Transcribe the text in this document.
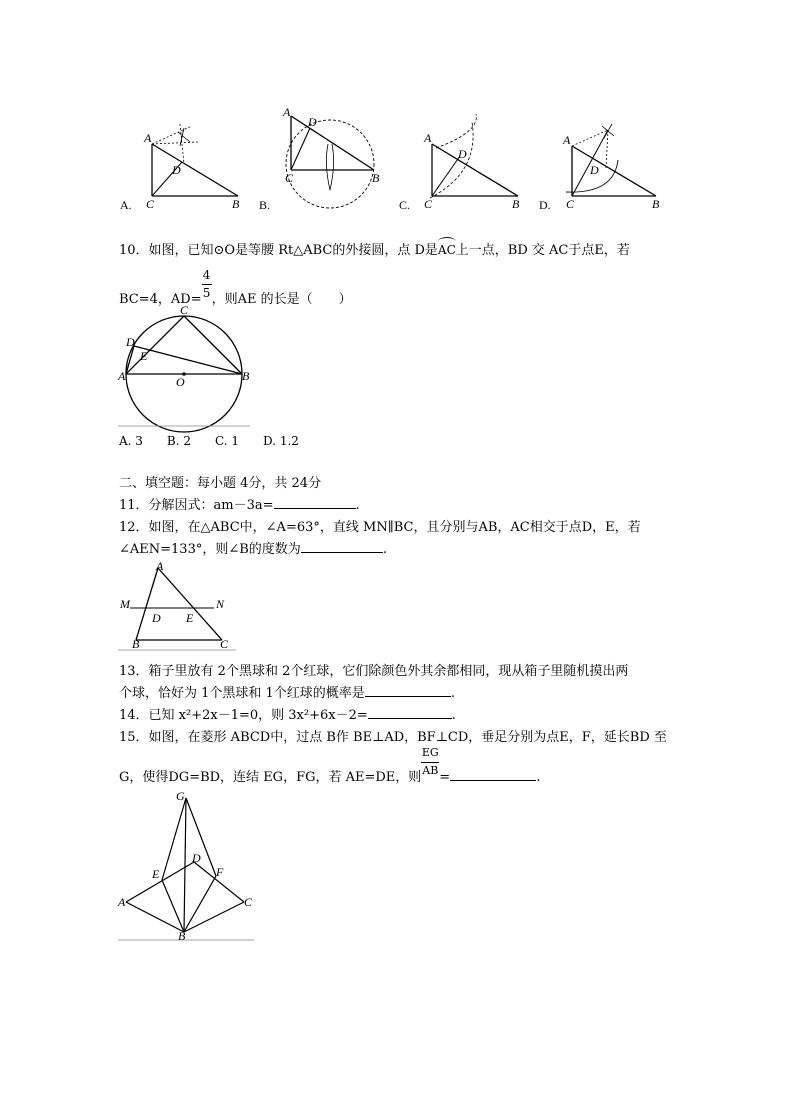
A
D
C	B
A.
A
D
C	B
B.
A
D
C	B
C.
A
D
C	B
D.
10．如图，已知⊙O是等腰 Rt△ABC的外接圆，点 D是
AC上一点，BD 交 AC于点E，若
BC=4，$AD= \frac{4}{5}$ ，则AE 的长是（　　）
C
D
E
A	O	B
A. 3　　B. 2　　C. 1　　D. 1.2
二、填空题：每小题 4分，共 24分
11．分解因式：am－3a=	.
12．如图，在△ABC中，∠A=63°，直线 MN∥BC，且分别与AB，AC相交于点D，E，若
∠AEN=133°，则∠B的度数为	.
A
M	N
D E
B	C
13．箱子里放有 2个黑球和 2个红球，它们除颜色外其余都相同，现从箱子里随机摸出两
个球，恰好为 1个黑球和 1个红球的概率是	.
14．已知 x²+2x－1=0，则 3x²+6x－2=	.
15．如图，在菱形 ABCD中，过点 B作 BE⊥AD，BF⊥CD，垂足分别为点E，F，延长BD 至
G，使得DG=BD，连结 EG，FG，若 AE=DE，则 $\frac{EG}{AB}$ =	.
G
D
E	F
A	C
B
